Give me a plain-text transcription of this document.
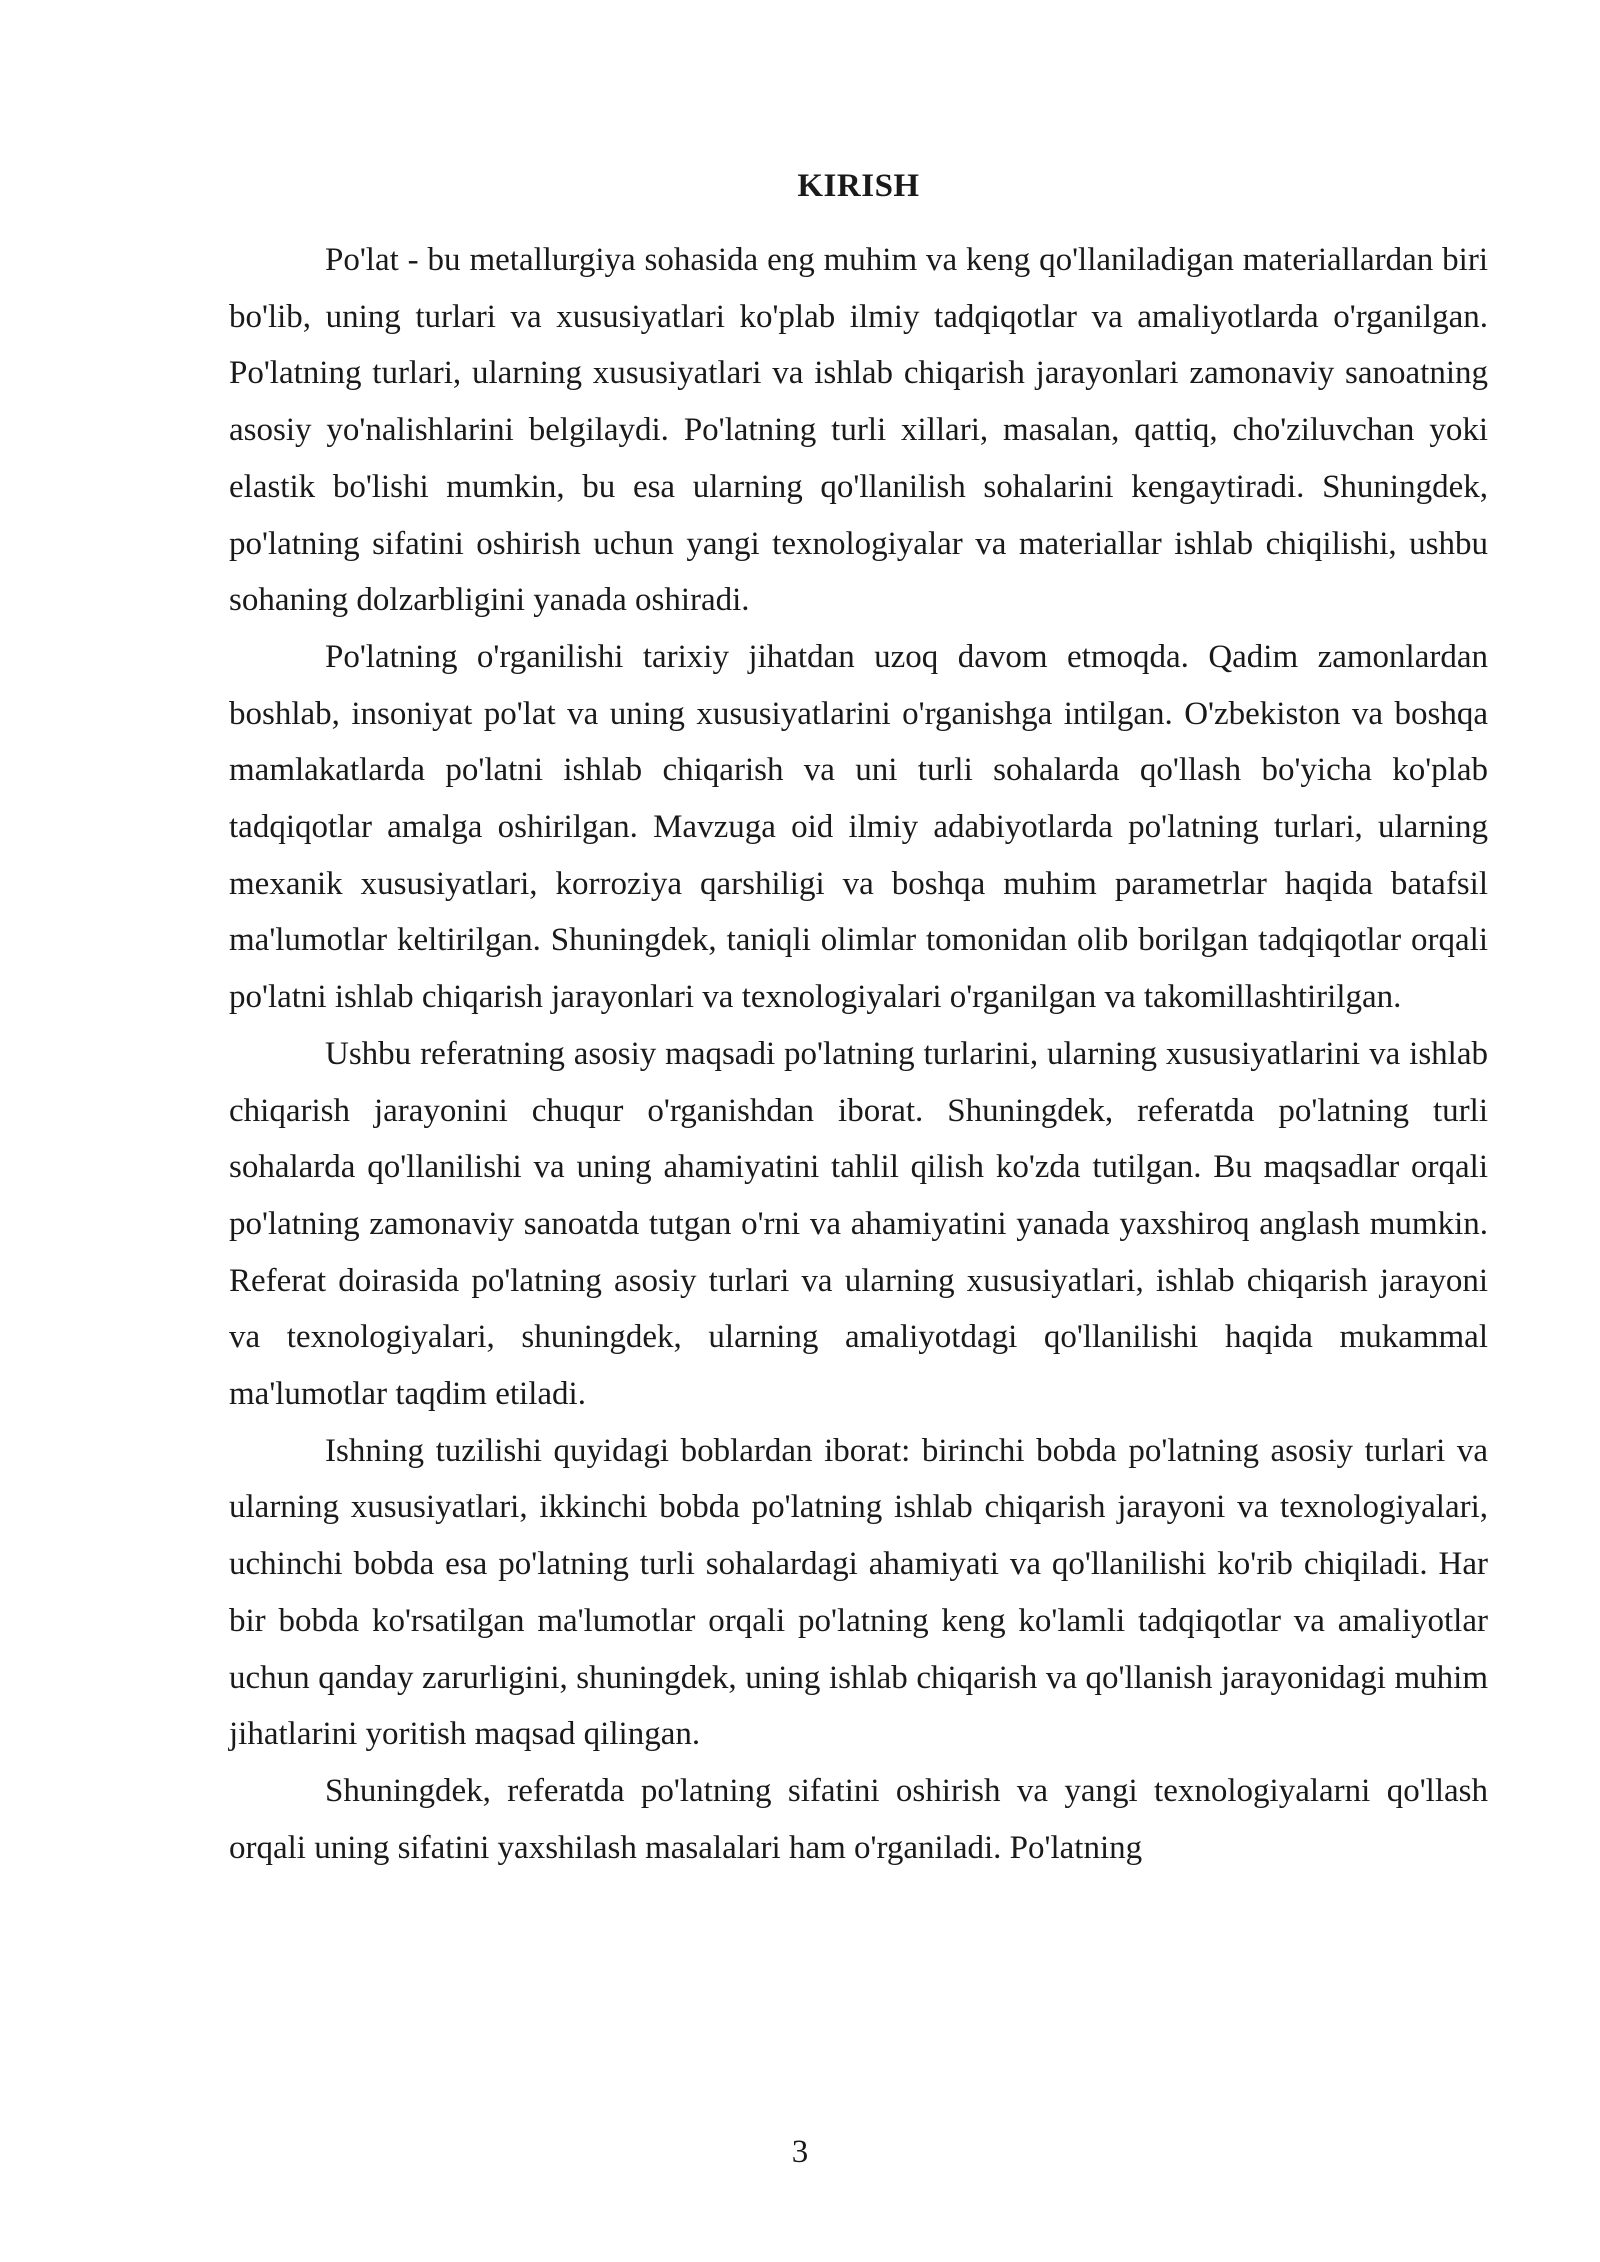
KIRISH

Po'lat - bu metallurgiya sohasida eng muhim va keng qo'llaniladigan materiallardan biri bo'lib, uning turlari va xususiyatlari ko'plab ilmiy tadqiqotlar va amaliyotlarda o'rganilgan. Po'latning turlari, ularning xususiyatlari va ishlab chiqarish jarayonlari zamonaviy sanoatning asosiy yo'nalishlarini belgilaydi. Po'latning turli xillari, masalan, qattiq, cho'ziluvchan yoki elastik bo'lishi mumkin, bu esa ularning qo'llanilish sohalarini kengaytiradi. Shuningdek, po'latning sifatini oshirish uchun yangi texnologiyalar va materiallar ishlab chiqilishi, ushbu sohaning dolzarbligini yanada oshiradi.

Po'latning o'rganilishi tarixiy jihatdan uzoq davom etmoqda. Qadim zamonlardan boshlab, insoniyat po'lat va uning xususiyatlarini o'rganishga intilgan. O'zbekiston va boshqa mamlakatlarda po'latni ishlab chiqarish va uni turli sohalarda qo'llash bo'yicha ko'plab tadqiqotlar amalga oshirilgan. Mavzuga oid ilmiy adabiyotlarda po'latning turlari, ularning mexanik xususiyatlari, korroziya qarshiligi va boshqa muhim parametrlar haqida batafsil ma'lumotlar keltirilgan. Shuningdek, taniqli olimlar tomonidan olib borilgan tadqiqotlar orqali po'latni ishlab chiqarish jarayonlari va texnologiyalari o'rganilgan va takomillashtirilgan.

Ushbu referatning asosiy maqsadi po'latning turlarini, ularning xususiyatlarini va ishlab chiqarish jarayonini chuqur o'rganishdan iborat. Shuningdek, referatda po'latning turli sohalarda qo'llanilishi va uning ahamiyatini tahlil qilish ko'zda tutilgan. Bu maqsadlar orqali po'latning zamonaviy sanoatda tutgan o'rni va ahamiyatini yanada yaxshiroq anglash mumkin. Referat doirasida po'latning asosiy turlari va ularning xususiyatlari, ishlab chiqarish jarayoni va texnologiyalari, shuningdek, ularning amaliyotdagi qo'llanilishi haqida mukammal ma'lumotlar taqdim etiladi.

Ishning tuzilishi quyidagi boblardan iborat: birinchi bobda po'latning asosiy turlari va ularning xususiyatlari, ikkinchi bobda po'latning ishlab chiqarish jarayoni va texnologiyalari, uchinchi bobda esa po'latning turli sohalardagi ahamiyati va qo'llanilishi ko'rib chiqiladi. Har bir bobda ko'rsatilgan ma'lumotlar orqali po'latning keng ko'lamli tadqiqotlar va amaliyotlar uchun qanday zarurligini, shuningdek, uning ishlab chiqarish va qo'llanish jarayonidagi muhim jihatlarini yoritish maqsad qilingan.

Shuningdek, referatda po'latning sifatini oshirish va yangi texnologiyalarni qo'llash orqali uning sifatini yaxshilash masalalari ham o'rganiladi. Po'latning

3
